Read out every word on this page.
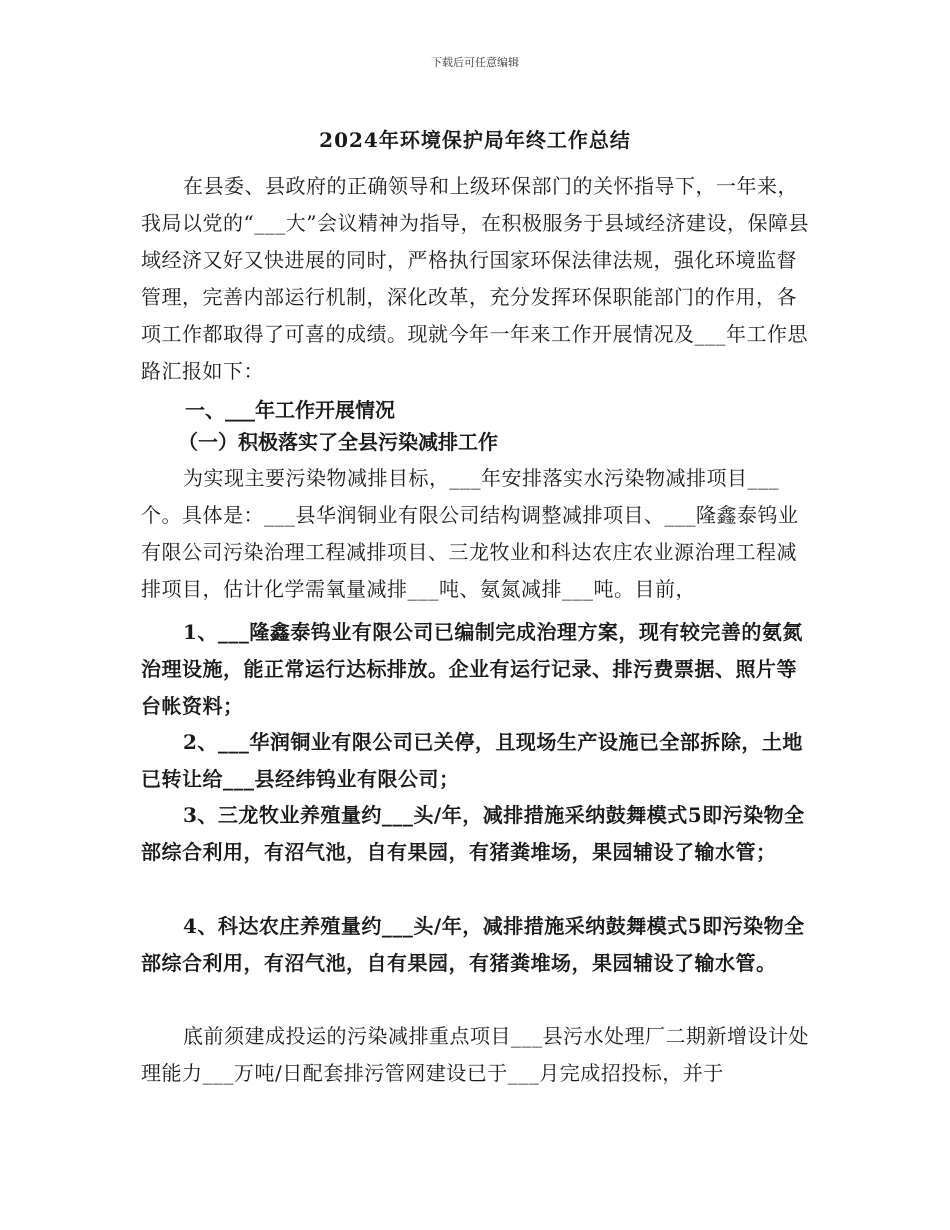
下载后可任意编辑
2024年环境保护局年终工作总结

在县委、县政府的正确领导和上级环保部门的关怀指导下，一年来，我局以党的“___大”会议精神为指导，在积极服务于县域经济建设，保障县域经济又好又快进展的同时，严格执行国家环保法律法规，强化环境监督管理，完善内部运行机制，深化改革，充分发挥环保职能部门的作用，各项工作都取得了可喜的成绩。现就今年一年来工作开展情况及___年工作思路汇报如下：

一、___年工作开展情况
（一）积极落实了全县污染减排工作

为实现主要污染物减排目标，___年安排落实水污染物减排项目___个。具体是：___县华润铜业有限公司结构调整减排项目、___隆鑫泰钨业有限公司污染治理工程减排项目、三龙牧业和科达农庄农业源治理工程减排项目，估计化学需氧量减排___吨、氨氮减排___吨。目前，

1、___隆鑫泰钨业有限公司已编制完成治理方案，现有较完善的氨氮治理设施，能正常运行达标排放。企业有运行记录、排污费票据、照片等台帐资料；

2、___华润铜业有限公司已关停，且现场生产设施已全部拆除，土地已转让给___县经纬钨业有限公司；

3、三龙牧业养殖量约___头/年，减排措施采纳鼓舞模式5即污染物全部综合利用，有沼气池，自有果园，有猪粪堆场，果园辅设了输水管；

4、科达农庄养殖量约___头/年，减排措施采纳鼓舞模式5即污染物全部综合利用，有沼气池，自有果园，有猪粪堆场，果园辅设了输水管。

底前须建成投运的污染减排重点项目___县污水处理厂二期新增设计处理能力___万吨/日配套排污管网建设已于___月完成招投标，并于
